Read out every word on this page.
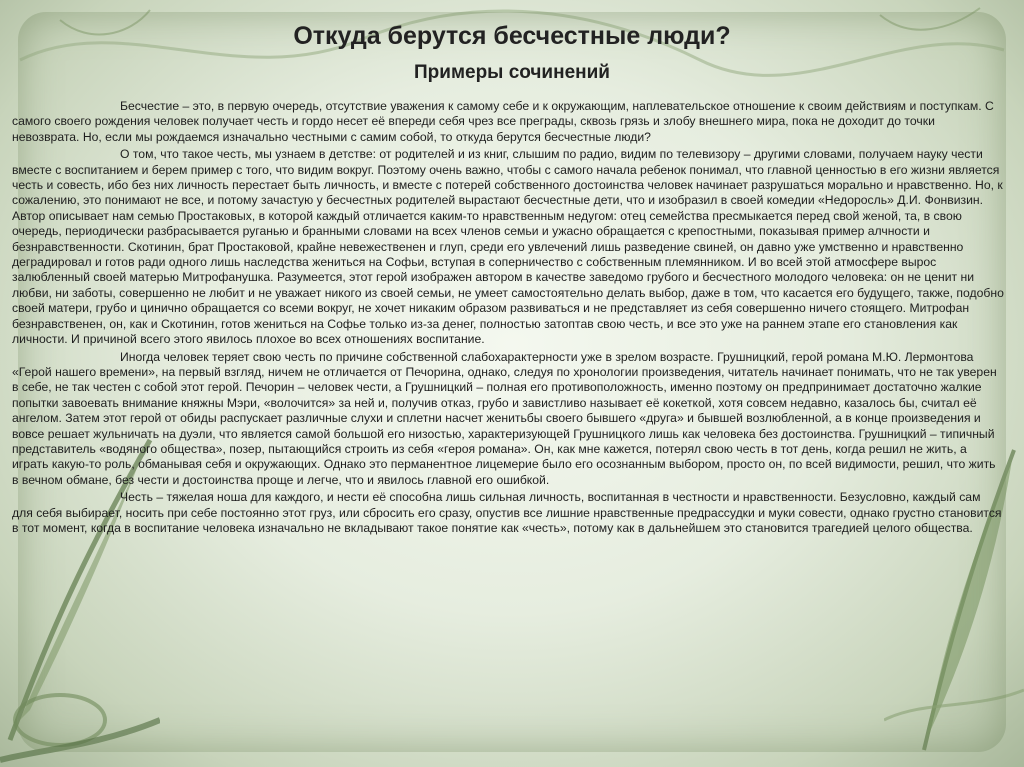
Откуда берутся бесчестные люди?
Примеры сочинений

Бесчестие – это, в первую очередь, отсутствие уважения к самому себе и к окружающим, наплевательское отношение к своим действиям и поступкам. С самого своего рождения человек получает честь и гордо несет её впереди себя чрез все преграды, сквозь грязь и злобу внешнего мира, пока не доходит до точки невозврата. Но, если мы рождаемся изначально честными с самим собой, то откуда берутся бесчестные люди?

О том, что такое честь, мы узнаем в детстве: от родителей и из книг, слышим по радио, видим по телевизору – другими словами, получаем науку чести вместе с воспитанием и берем пример с того, что видим вокруг. Поэтому очень важно, чтобы с самого начала ребенок понимал, что главной ценностью в его жизни является честь и совесть, ибо без них личность перестает быть личность, и вместе с потерей собственного достоинства человек начинает разрушаться морально и нравственно. Но, к сожалению, это понимают не все, и потому зачастую у бесчестных родителей вырастают бесчестные дети, что и изобразил в своей комедии «Недоросль» Д.И. Фонвизин. Автор описывает нам семью Простаковых, в которой каждый отличается каким-то нравственным недугом: отец семейства пресмыкается перед свой женой, та, в свою очередь, периодически разбрасывается руганью и бранными словами на всех членов семьи и ужасно обращается с крепостными, показывая пример алчности и безнравственности. Скотинин, брат Простаковой, крайне невежественен и глуп, среди его увлечений лишь разведение свиней, он давно уже умственно и нравственно деградировал и готов ради одного лишь наследства жениться на Софьи, вступая в соперничество с собственным племянником. И во всей этой атмосфере вырос залюбленный своей матерью Митрофанушка. Разумеется, этот герой изображен автором в качестве заведомо грубого и бесчестного молодого человека: он не ценит ни любви, ни заботы, совершенно не любит и не уважает никого из своей семьи, не умеет самостоятельно делать выбор, даже в том, что касается его будущего, также, подобно своей матери, грубо и цинично обращается со всеми вокруг, не хочет никаким образом развиваться и не представляет из себя совершенно ничего стоящего. Митрофан безнравственен, он, как и Скотинин, готов жениться на Софье только из-за денег, полностью затоптав свою честь, и все это уже на раннем этапе его становления как личности. И причиной всего этого явилось плохое во всех отношениях воспитание.

Иногда человек теряет свою честь по причине собственной слабохарактерности уже в зрелом возрасте. Грушницкий, герой романа М.Ю. Лермонтова «Герой нашего времени», на первый взгляд, ничем не отличается от Печорина, однако, следуя по хронологии произведения, читатель начинает понимать, что не так уверен в себе, не так честен с собой этот герой. Печорин – человек чести, а Грушницкий – полная его противоположность, именно поэтому он предпринимает достаточно жалкие попытки завоевать внимание княжны Мэри, «волочится» за ней и, получив отказ, грубо и завистливо называет её кокеткой, хотя совсем недавно, казалось бы, считал её ангелом. Затем этот герой от обиды распускает различные слухи и сплетни насчет женитьбы своего бывшего «друга» и бывшей возлюбленной, а в конце произведения и вовсе решает жульничать на дуэли, что является самой большой его низостью, характеризующей Грушницкого лишь как человека без достоинства. Грушницкий – типичный представитель «водяного общества», позер, пытающийся строить из себя «героя романа». Он, как мне кажется, потерял свою честь в тот день, когда решил не жить, а играть какую-то роль, обманывая себя и окружающих. Однако это перманентное лицемерие было его осознанным выбором, просто он, по всей видимости, решил, что жить в вечном обмане, без чести и достоинства проще и легче, что и явилось главной его ошибкой.

Честь – тяжелая ноша для каждого, и нести её способна лишь сильная личность, воспитанная в честности и нравственности. Безусловно, каждый сам для себя выбирает, носить при себе постоянно этот груз, или сбросить его сразу, опустив все лишние нравственные предрассудки и муки совести, однако грустно становится в тот момент, когда в воспитание человека изначально не вкладывают такое понятие как «честь», потому как в дальнейшем это становится трагедией целого общества.
